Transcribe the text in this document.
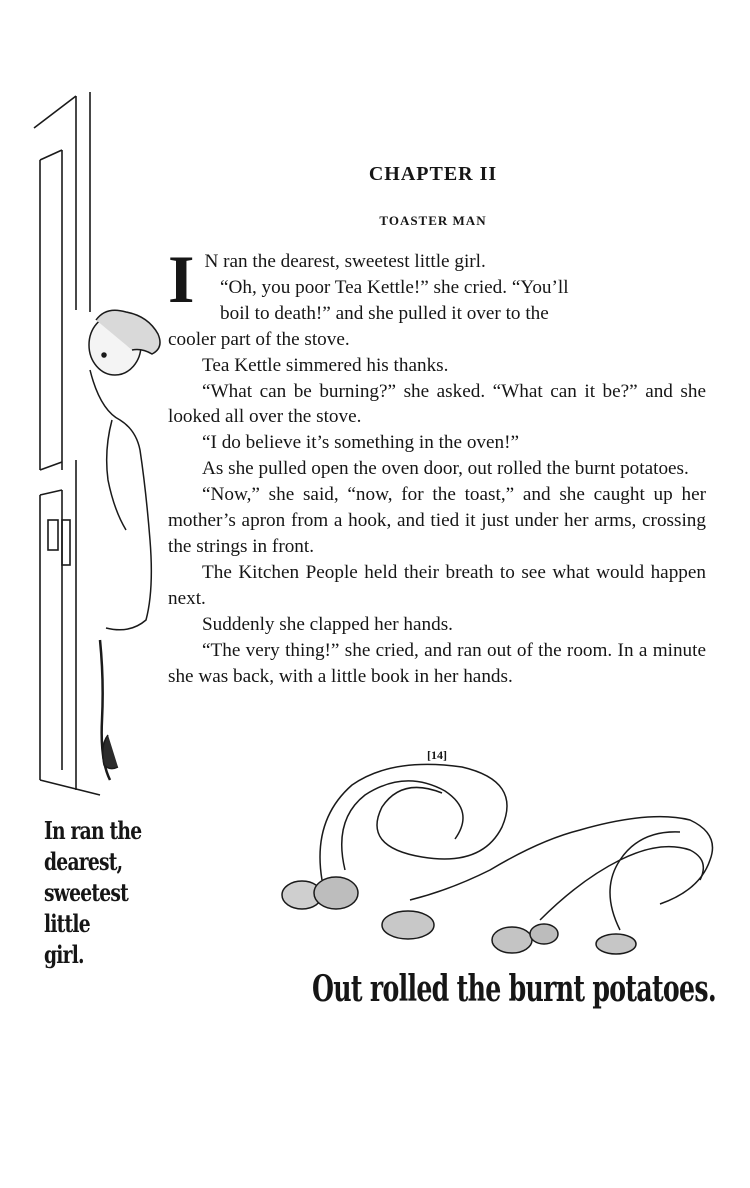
CHAPTER II
TOASTER MAN

I N ran the dearest, sweetest little girl.

“Oh, you poor Tea Kettle!” she cried. “You’ll
boil to death!” and she pulled it over to the
cooler part of the stove.

Tea Kettle simmered his thanks.

“What can be burning?” she asked. “What can it be?” and she looked all over the stove.

“I do believe it’s something in the oven!”

As she pulled open the oven door, out rolled the burnt potatoes.

“Now,” she said, “now, for the toast,” and she caught up her mother’s apron from a hook, and tied it just under her arms, crossing the strings in front.

The Kitchen People held their breath to see what would happen next.

Suddenly she clapped her hands.

“The very thing!” she cried, and ran out of the room. In a minute she was back, with a little book in her hands.

[14]
In ran the
dearest,
sweetest
little
girl.
Out rolled the burnt potatoes.
